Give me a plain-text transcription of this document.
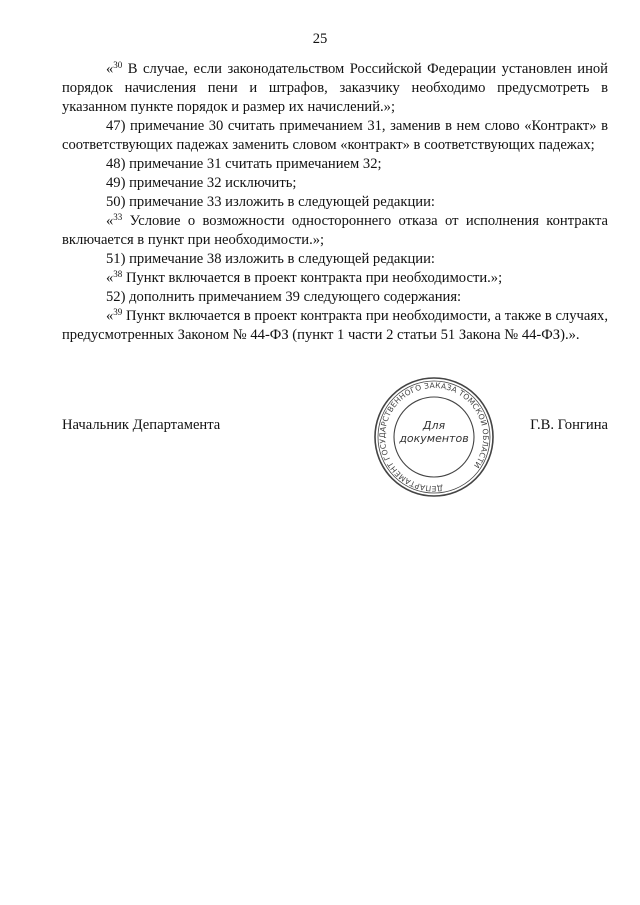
25

«$^{30}$ В случае, если законодательством Российской Федерации установлен иной порядок начисления пени и штрафов, заказчику необходимо предусмотреть в указанном пункте порядок и размер их начислений.»;

47) примечание 30 считать примечанием 31, заменив в нем слово «Контракт» в соответствующих падежах заменить словом «контракт» в соответствующих падежах;

48) примечание 31 считать примечанием 32;

49) примечание 32 исключить;

50) примечание 33 изложить в следующей редакции:

«$^{33}$ Условие о возможности одностороннего отказа от исполнения контракта включается в пункт при необходимости.»;

51) примечание 38 изложить в следующей редакции:

«$^{38}$ Пункт включается в проект контракта при необходимости.»;

52) дополнить примечанием 39 следующего содержания:

«$^{39}$ Пункт включается в проект контракта при необходимости, а также в случаях, предусмотренных Законом № 44-ФЗ (пункт 1 части 2 статьи 51 Закона № 44-ФЗ).».

ДЕПАРТАМЕНТ ГОСУДАРСТВЕННОГО ЗАКАЗА ТОМСКОЙ ОБЛАСТИ
Для
документов
Начальник Департамента	Г.В. Гонгина
